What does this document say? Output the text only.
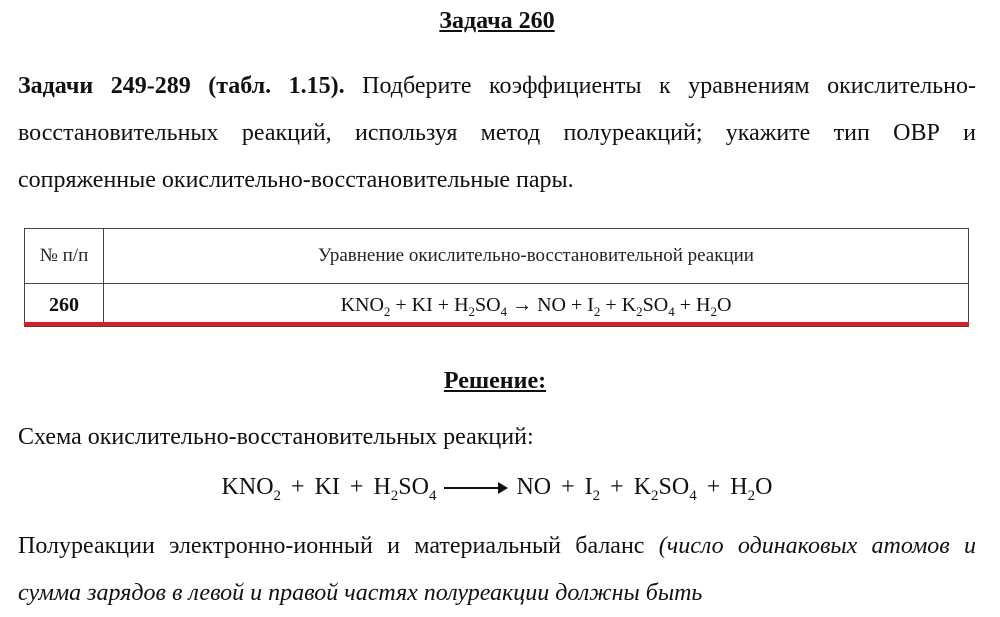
Задача 260
Задачи 249-289 (табл. 1.15). Подберите коэффициенты к уравнениям окислительно-восстановительных реакций, используя метод полуреакций; укажите тип ОВР и сопряженные окислительно-восстановительные пары.
№ п/п	Уравнение окислительно-восстановительной реакции
260	$KNO_2$ + KI + $H_2SO_4$ → NO + $I_2 + K_2SO_4 + H_2O$
Решение:
Схема окислительно-восстановительных реакций:
$KNO_2$ + KI + $H_2SO_4$	NO + $I_2 + K_2SO_4 + H_2O$
Полуреакции электронно-ионный и материальный баланс (число одинаковых атомов и сумма зарядов в левой и правой частях полуреакции должны быть
